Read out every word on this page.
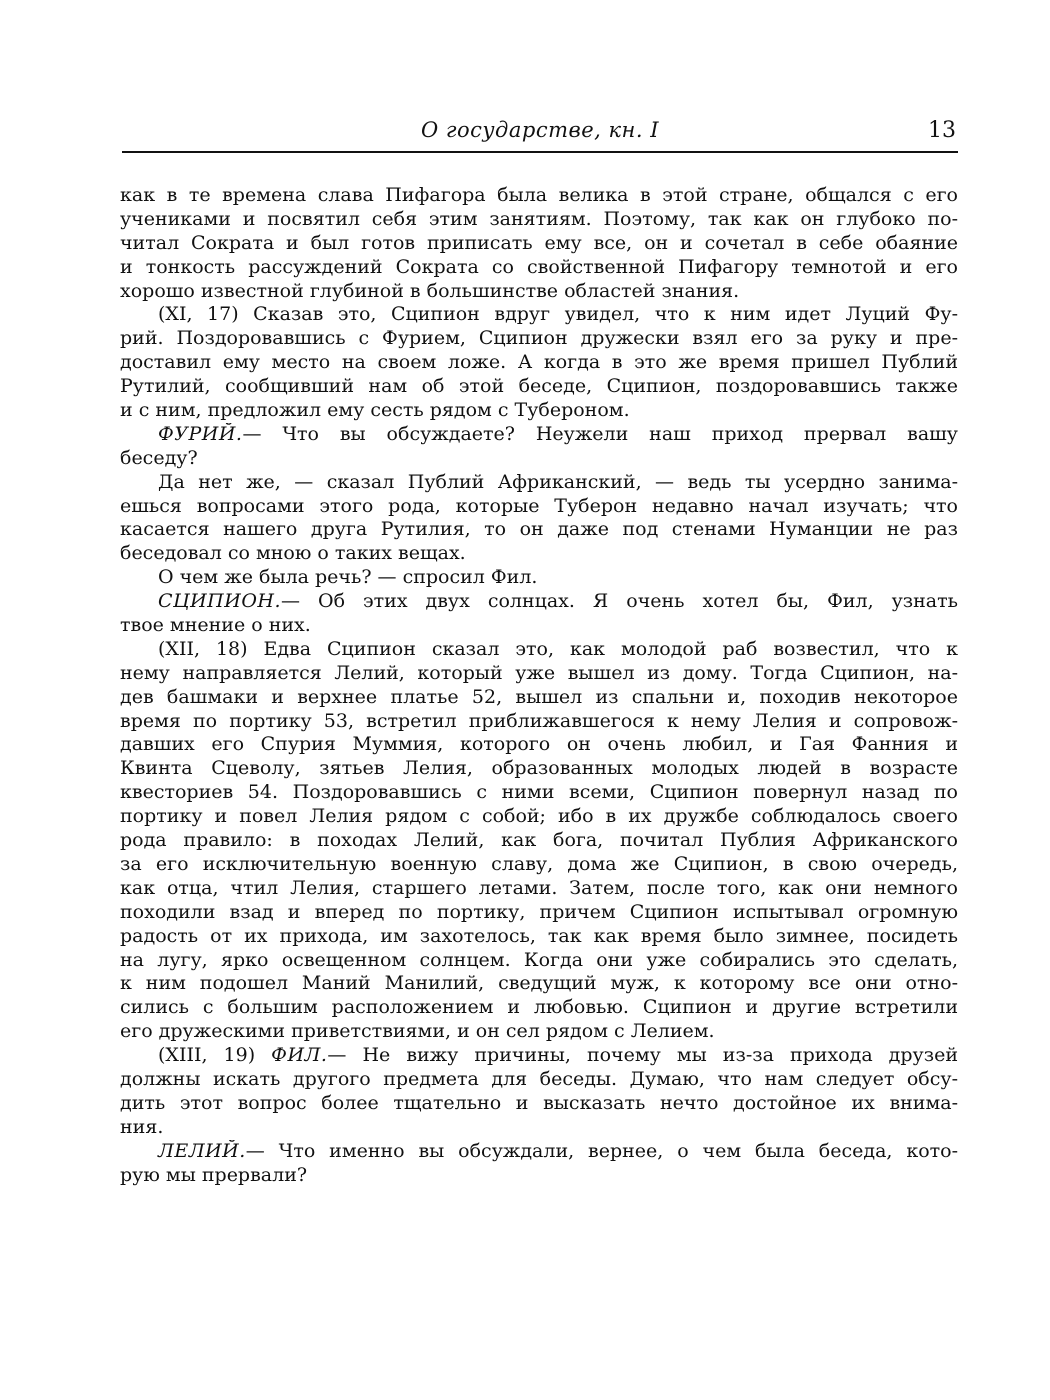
О государстве, кн. I	13
как в те времена слава Пифагора была велика в этой стране, общался с его
учениками и посвятил себя этим занятиям. Поэтому, так как он глубоко по-
читал Сократа и был готов приписать ему все, он и сочетал в себе обаяние
и тонкость рассуждений Сократа со свойственной Пифагору темнотой и его
хорошо известной глубиной в большинстве областей знания.
(XI, 17) Сказав это, Сципион вдруг увидел, что к ним идет Луций Фу-
рий. Поздоровавшись с Фурием, Сципион дружески взял его за руку и пре-
доставил ему место на своем ложе. А когда в это же время пришел Публий
Рутилий, сообщивший нам об этой беседе, Сципион, поздоровавшись также
и с ним, предложил ему сесть рядом с Тубероном.
ФУРИЙ.— Что вы обсуждаете? Неужели наш приход прервал вашу
беседу?
Да нет же, — сказал Публий Африканский, — ведь ты усердно занима-
ешься вопросами этого рода, которые Туберон недавно начал изучать; что
касается нашего друга Рутилия, то он даже под стенами Нуманции не раз
беседовал со мною о таких вещах.
О чем же была речь? — спросил Фил.
СЦИПИОН.— Об этих двух солнцах. Я очень хотел бы, Фил, узнать
твое мнение о них.
(XII, 18) Едва Сципион сказал это, как молодой раб возвестил, что к
нему направляется Лелий, который уже вышел из дому. Тогда Сципион, на-
дев башмаки и верхнее платье 52, вышел из спальни и, походив некоторое
время по портику 53, встретил приближавшегося к нему Лелия и сопровож-
давших его Спурия Муммия, которого он очень любил, и Гая Фанния и
Квинта Сцеволу, зятьев Лелия, образованных молодых людей в возрасте
квесториев 54. Поздоровавшись с ними всеми, Сципион повернул назад по
портику и повел Лелия рядом с собой; ибо в их дружбе соблюдалось своего
рода правило: в походах Лелий, как бога, почитал Публия Африканского
за его исключительную военную славу, дома же Сципион, в свою очередь,
как отца, чтил Лелия, старшего летами. Затем, после того, как они немного
походили взад и вперед по портику, причем Сципион испытывал огромную
радость от их прихода, им захотелось, так как время было зимнее, посидеть
на лугу, ярко освещенном солнцем. Когда они уже собирались это сделать,
к ним подошел Маний Манилий, сведущий муж, к которому все они отно-
сились с большим расположением и любовью. Сципион и другие встретили
его дружескими приветствиями, и он сел рядом с Лелием.
(XIII, 19) ФИЛ.— Не вижу причины, почему мы из-за прихода друзей
должны искать другого предмета для беседы. Думаю, что нам следует обсу-
дить этот вопрос более тщательно и высказать нечто достойное их внима-
ния.
ЛЕЛИЙ.— Что именно вы обсуждали, вернее, о чем была беседа, кото-
рую мы прервали?
